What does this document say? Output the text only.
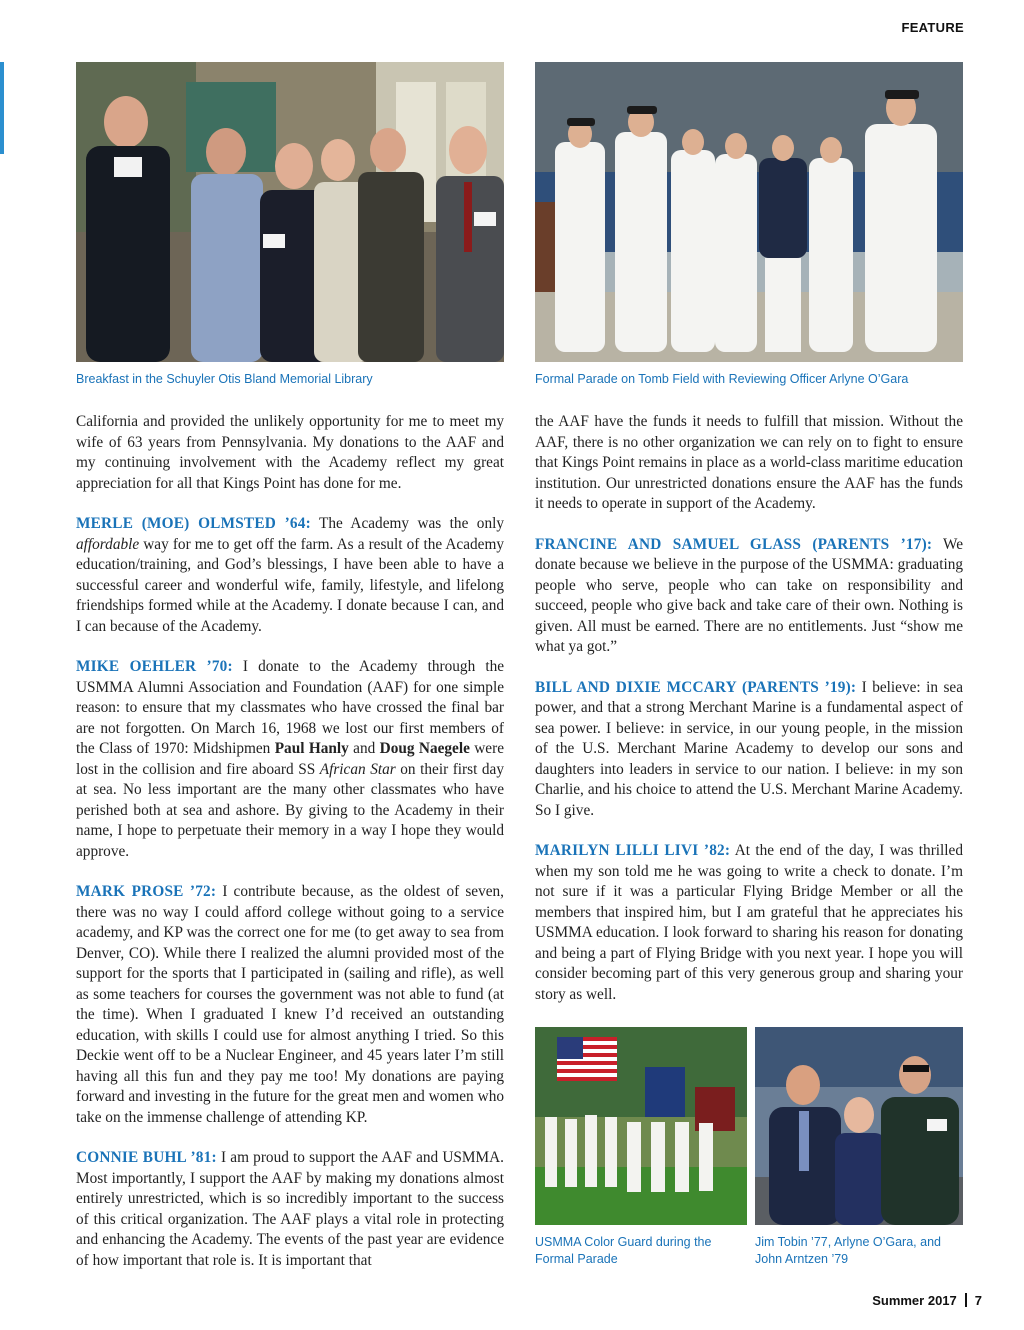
FEATURE
Breakfast in the Schuyler Otis Bland Memorial Library	Formal Parade on Tomb Field with Reviewing Officer Arlyne O’Gara

California and provided the unlikely opportunity for me to meet my wife of 63 years from Pennsylvania. My donations to the AAF and my continuing involvement with the Academy reflect my great appreciation for all that Kings Point has done for me.

MERLE (MOE) OLMSTED ’64: The Academy was the only affordable way for me to get off the farm. As a result of the Academy education/training, and God’s blessings, I have been able to have a successful career and wonderful wife, family, lifestyle, and lifelong friendships formed while at the Academy. I donate because I can, and I can because of the Academy.

MIKE OEHLER ’70: I donate to the Academy through the USMMA Alumni Association and Foundation (AAF) for one simple reason: to ensure that my classmates who have crossed the final bar are not forgotten. On March 16, 1968 we lost our first members of the Class of 1970: Midshipmen Paul Hanly and Doug Naegele were lost in the collision and fire aboard SS African Star on their first day at sea. No less important are the many other classmates who have perished both at sea and ashore. By giving to the Academy in their name, I hope to perpetuate their memory in a way I hope they would approve.

MARK PROSE ’72: I contribute because, as the oldest of seven, there was no way I could afford college without going to a service academy, and KP was the correct one for me (to get away to sea from Denver, CO). While there I realized the alumni provided most of the support for the sports that I participated in (sailing and rifle), as well as some teachers for courses the government was not able to fund (at the time). When I graduated I knew I’d received an outstanding education, with skills I could use for almost anything I tried. So this Deckie went off to be a Nuclear Engineer, and 45 years later I’m still having all this fun and they pay me too! My donations are paying forward and investing in the future for the great men and women who take on the immense challenge of attending KP.

CONNIE BUHL ’81: I am proud to support the AAF and USMMA. Most importantly, I support the AAF by making my donations almost entirely unrestricted, which is so incredibly important to the success of this critical organization. The AAF plays a vital role in protecting and enhancing the Academy. The events of the past year are evidence of how important that role is. It is important that

the AAF have the funds it needs to fulfill that mission. Without the AAF, there is no other organization we can rely on to fight to ensure that Kings Point remains in place as a world-class maritime education institution. Our unrestricted donations ensure the AAF has the funds it needs to operate in support of the Academy.

FRANCINE AND SAMUEL GLASS (PARENTS ’17): We donate because we believe in the purpose of the USMMA: graduating people who serve, people who can take on responsibility and succeed, people who give back and take care of their own. Nothing is given. All must be earned. There are no entitlements. Just “show me what ya got.”

BILL AND DIXIE MCCARY (PARENTS ’19): I believe: in sea power, and that a strong Merchant Marine is a fundamental aspect of sea power. I believe: in service, in our young people, in the mission of the U.S. Merchant Marine Academy to develop our sons and daughters into leaders in service to our nation. I believe: in my son Charlie, and his choice to attend the U.S. Merchant Marine Academy. So I give.

MARILYN LILLI LIVI ’82: At the end of the day, I was thrilled when my son told me he was going to write a check to donate. I’m not sure if it was a particular Flying Bridge Member or all the members that inspired him, but I am grateful that he appreciates his USMMA education. I look forward to sharing his reason for donating and being a part of Flying Bridge with you next year. I hope you will consider becoming part of this very generous group and sharing your story as well.

USMMA Color Guard during the Formal Parade
Jim Tobin ’77, Arlyne O’Gara, and John Arntzen ’79
Summer 2017 7
